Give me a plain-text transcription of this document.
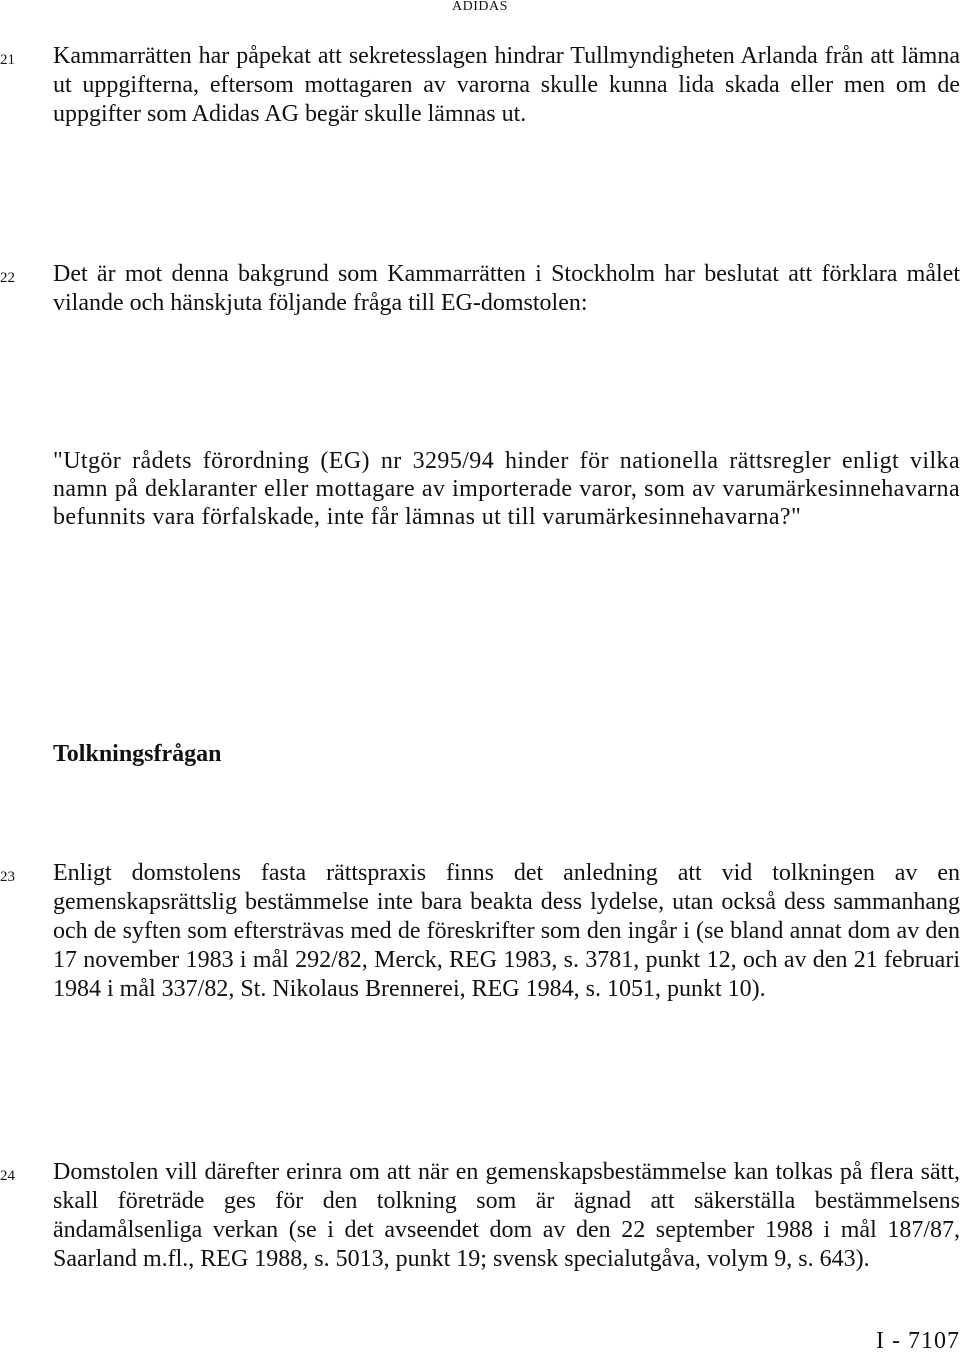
ADIDAS
21 Kammarrätten har påpekat att sekretesslagen hindrar Tullmyndigheten Arlanda från att lämna ut uppgifterna, eftersom mottagaren av varorna skulle kunna lida skada eller men om de uppgifter som Adidas AG begär skulle lämnas ut.
22 Det är mot denna bakgrund som Kammarrätten i Stockholm har beslutat att förklara målet vilande och hänskjuta följande fråga till EG-domstolen:
"Utgör rådets förordning (EG) nr 3295/94 hinder för nationella rättsregler enligt vilka namn på deklaranter eller mottagare av importerade varor, som av varumärkesinnehavarna befunnits vara förfalskade, inte får lämnas ut till varumärkesinnehavarna?"
Tolkningsfrågan
23 Enligt domstolens fasta rättspraxis finns det anledning att vid tolkningen av en gemenskapsrättslig bestämmelse inte bara beakta dess lydelse, utan också dess sammanhang och de syften som eftersträvas med de föreskrifter som den ingår i (se bland annat dom av den 17 november 1983 i mål 292/82, Merck, REG 1983, s. 3781, punkt 12, och av den 21 februari 1984 i mål 337/82, St. Nikolaus Brennerei, REG 1984, s. 1051, punkt 10).
24 Domstolen vill därefter erinra om att när en gemenskapsbestämmelse kan tolkas på flera sätt, skall företräde ges för den tolkning som är ägnad att säkerställa bestämmelsens ändamålsenliga verkan (se i det avseendet dom av den 22 september 1988 i mål 187/87, Saarland m.fl., REG 1988, s. 5013, punkt 19; svensk specialutgåva, volym 9, s. 643).
I - 7107
